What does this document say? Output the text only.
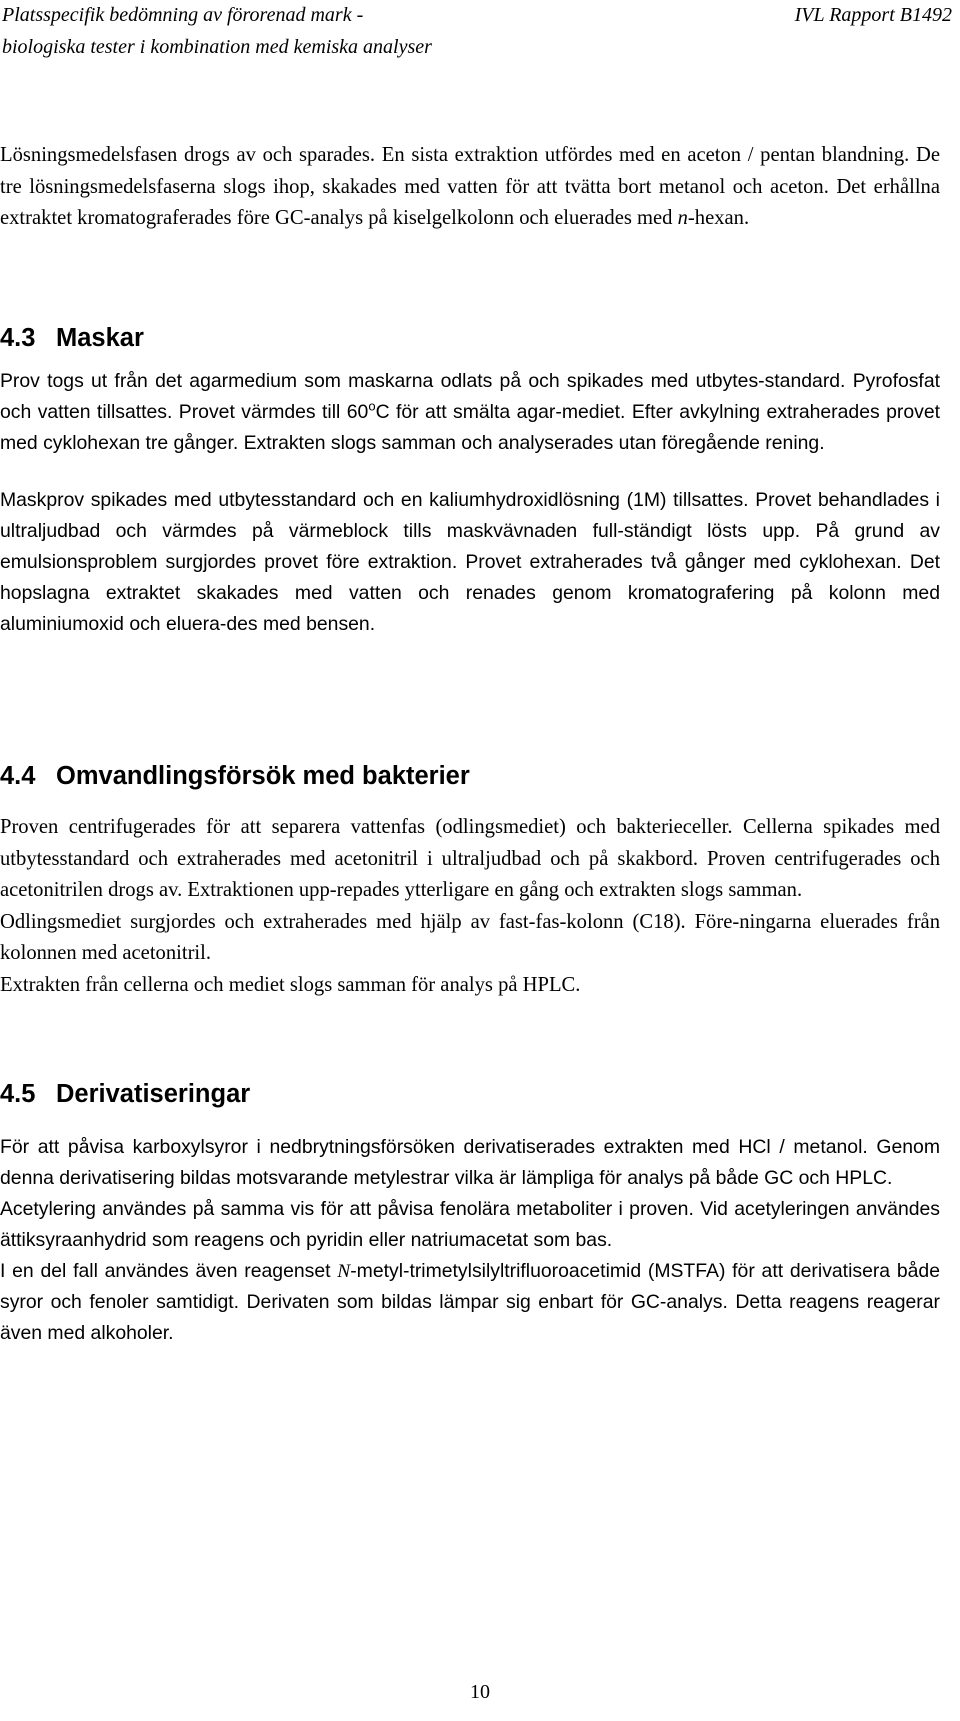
Platsspecifik bedömning av förorenad mark -
biologiska tester i kombination med kemiska analyser
IVL Rapport B1492

Lösningsmedelsfasen drogs av och sparades. En sista extraktion utfördes med en aceton / pentan blandning. De tre lösningsmedelsfaserna slogs ihop, skakades med vatten för att tvätta bort metanol och aceton. Det erhållna extraktet kromatograferades före GC-analys på kiselgelkolonn och eluerades med n-hexan.

4.3 Maskar

Prov togs ut från det agarmedium som maskarna odlats på och spikades med utbytes-standard. Pyrofosfat och vatten tillsattes. Provet värmdes till 60$^o$C för att smälta agar-mediet. Efter avkylning extraherades provet med cyklohexan tre gånger. Extrakten slogs samman och analyserades utan föregående rening.

Maskprov spikades med utbytesstandard och en kaliumhydroxidlösning (1M) tillsattes. Provet behandlades i ultraljudbad och värmdes på värmeblock tills maskvävnaden full-ständigt lösts upp. På grund av emulsionsproblem surgjordes provet före extraktion. Provet extraherades två gånger med cyklohexan. Det hopslagna extraktet skakades med vatten och renades genom kromatografering på kolonn med aluminiumoxid och eluera-des med bensen.

4.4 Omvandlingsförsök med bakterier

Proven centrifugerades för att separera vattenfas (odlingsmediet) och bakterieceller. Cellerna spikades med utbytesstandard och extraherades med acetonitril i ultraljudbad och på skakbord. Proven centrifugerades och acetonitrilen drogs av. Extraktionen upp-repades ytterligare en gång och extrakten slogs samman.

Odlingsmediet surgjordes och extraherades med hjälp av fast-fas-kolonn (C18). Före-ningarna eluerades från kolonnen med acetonitril.

Extrakten från cellerna och mediet slogs samman för analys på HPLC.

4.5 Derivatiseringar

För att påvisa karboxylsyror i nedbrytningsförsöken derivatiserades extrakten med HCl / metanol. Genom denna derivatisering bildas motsvarande metylestrar vilka är lämpliga för analys på både GC och HPLC.

Acetylering användes på samma vis för att påvisa fenolära metaboliter i proven. Vid acetyleringen användes ättiksyraanhydrid som reagens och pyridin eller natriumacetat som bas.

I en del fall användes även reagenset N-metyl-trimetylsilyltrifluoroacetimid (MSTFA) för att derivatisera både syror och fenoler samtidigt. Derivaten som bildas lämpar sig enbart för GC-analys. Detta reagens reagerar även med alkoholer.

10
